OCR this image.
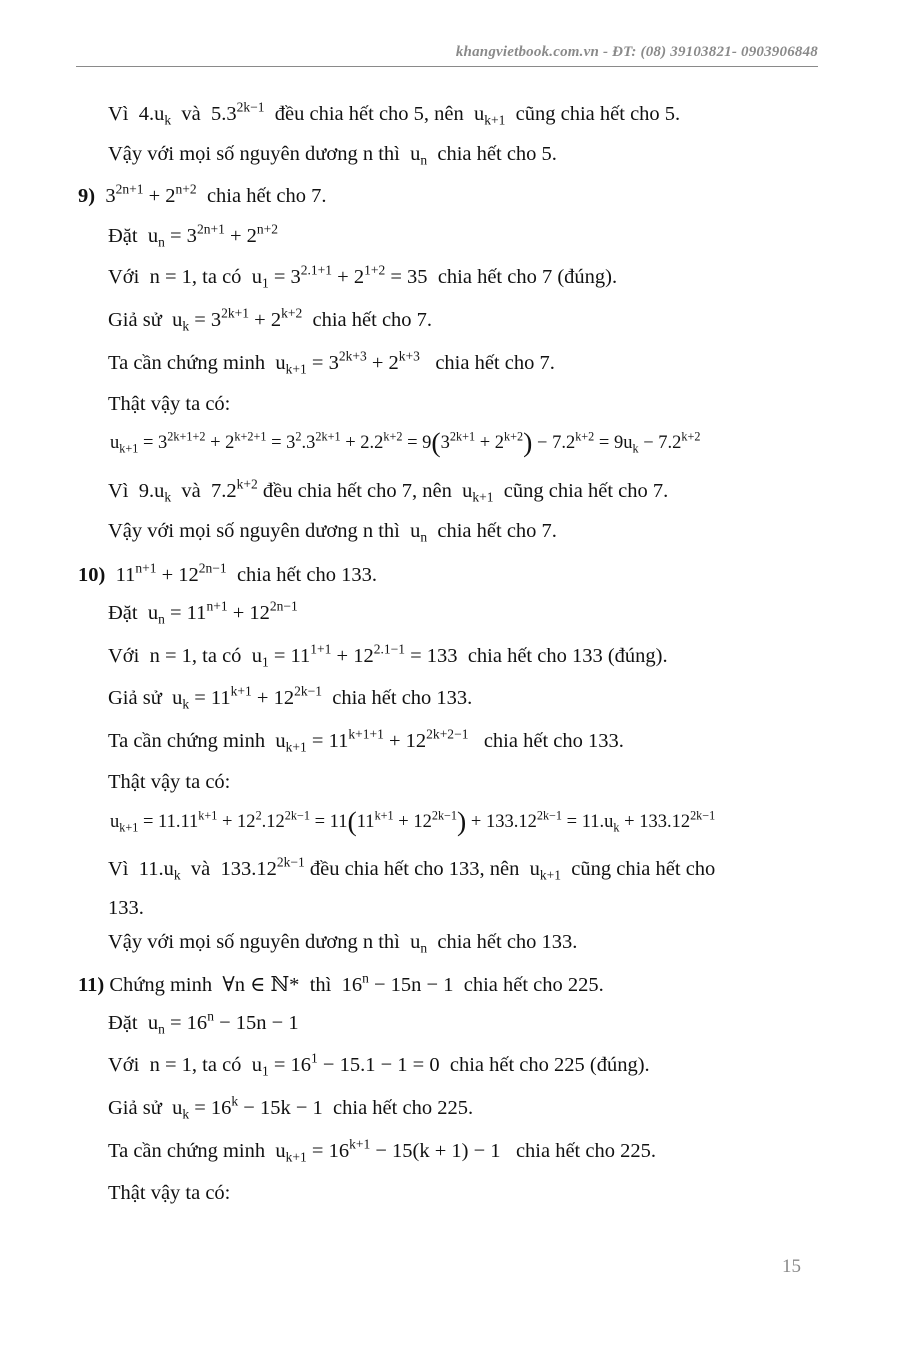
khangvietbook.com.vn - ĐT: (08) 39103821- 0903906848
Vì  $4.u_k$ và  $5.3^{2k-1}$ đều chia hết cho 5, nên  $u_{k+1}$ cũng chia hết cho 5.
Vậy với mọi số nguyên dương n thì  $u_n$ chia hết cho 5.
9)  $3^{2n+1} + 2^{n+2}$ chia hết cho 7.
Đặt  $u_n = 3^{2n+1} + 2^{n+2}$
Với  n = 1, ta có  $u_1 = 3^{2.1+1} + 2^{1+2} = 35$  chia hết cho 7 (đúng).
Giả sử  $u_k = 3^{2k+1} + 2^{k+2}$ chia hết cho 7.
Ta cần chứng minh  $u_{k+1} = 3^{2k+3} + 2^{k+3}$ chia hết cho 7.
Thật vậy ta có:
$u_{k+1} = 3^{2k+1+2} + 2^{k+2+1} = 3^2.3^{2k+1} + 2.2^{k+2} = 9(3^{2k+1} + 2^{k+2}) - 7.2^{k+2} = 9u_k - 7.2^{k+2}$
Vì  $9.u_k$ và  $7.2^{k+2}$ đều chia hết cho 7, nên  $u_{k+1}$ cũng chia hết cho 7.
Vậy với mọi số nguyên dương n thì  $u_n$ chia hết cho 7.
10)  $11^{n+1} + 12^{2n-1}$ chia hết cho 133.
Đặt  $u_n = 11^{n+1} + 12^{2n-1}$
Với  n = 1, ta có  $u_1 = 11^{1+1} + 12^{2.1-1} = 133$  chia hết cho 133 (đúng).
Giả sử  $u_k = 11^{k+1} + 12^{2k-1}$ chia hết cho 133.
Ta cần chứng minh  $u_{k+1} = 11^{k+1+1} + 12^{2k+2-1}$ chia hết cho 133.
Thật vậy ta có:
$u_{k+1} = 11.11^{k+1} + 12^2.12^{2k-1} = 11(11^{k+1} + 12^{2k-1}) + 133.12^{2k-1} = 11.u_k + 133.12^{2k-1}$
Vì  $11.u_k$ và  $133.12^{2k-1}$ đều chia hết cho 133, nên  $u_{k+1}$ cũng chia hết cho
133.
Vậy với mọi số nguyên dương n thì  $u_n$ chia hết cho 133.
11) Chứng minh  ∀n ∈ ℕ*  thì  $16^n - 15n - 1$  chia hết cho 225.
Đặt  $u_n = 16^n - 15n - 1$
Với  n = 1, ta có  $u_1 = 16^1 - 15.1 - 1 = 0$  chia hết cho 225 (đúng).
Giả sử  $u_k = 16^k - 15k - 1$  chia hết cho 225.
Ta cần chứng minh  $u_{k+1} = 16^{k+1} - 15(k + 1) - 1$   chia hết cho 225.
Thật vậy ta có:
15
